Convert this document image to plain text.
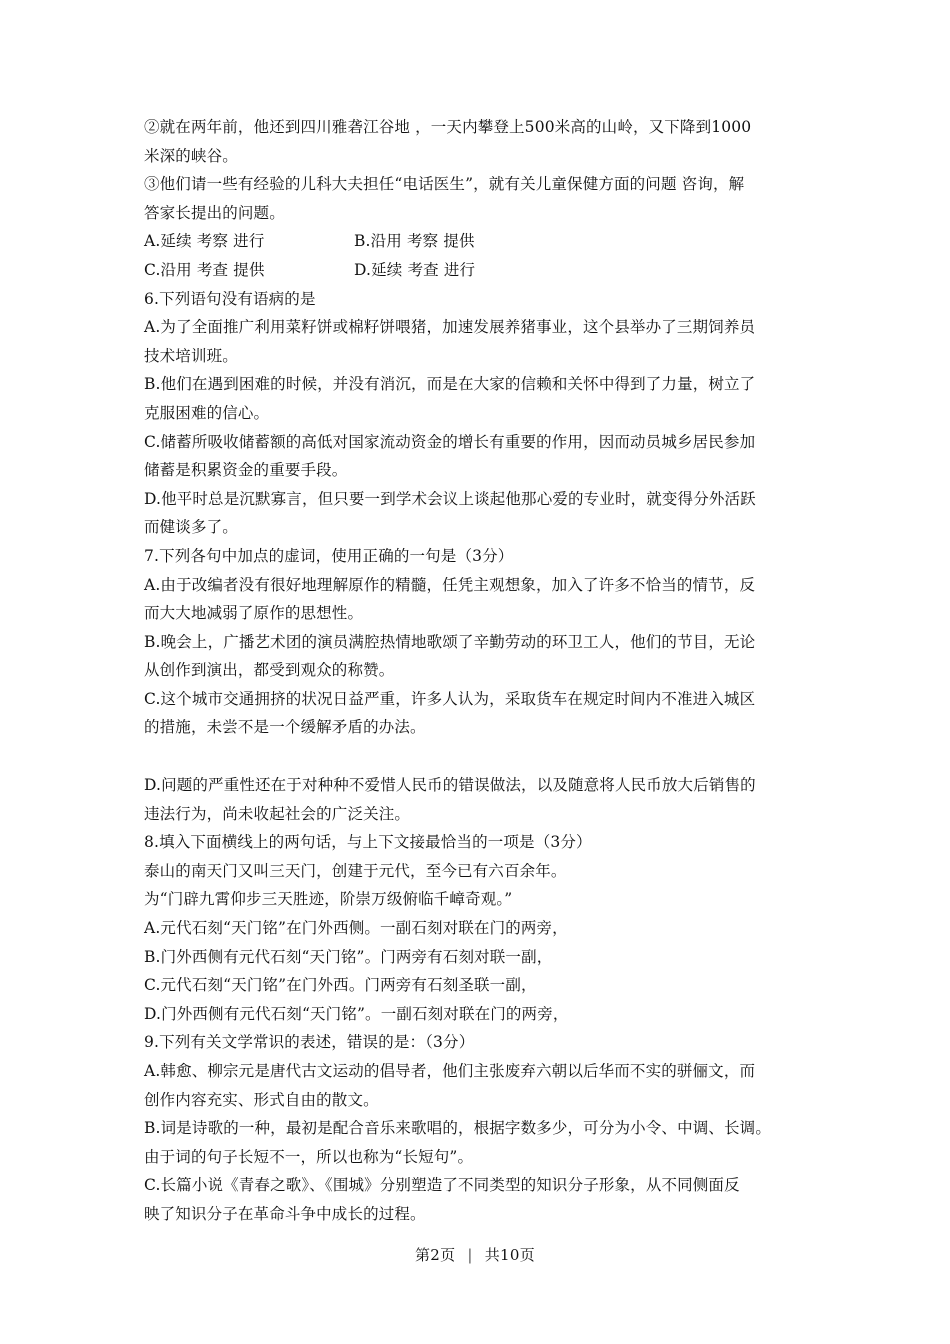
②就在两年前，他还到四川雅砻江谷地 ，一天内攀登上500米高的山岭，又下降到1000
米深的峡谷。
③他们请一些有经验的儿科大夫担任“电话医生”，就有关儿童保健方面的问题 咨询，解
答家长提出的问题。
A.延续 考察 进行	B.沿用 考察 提供
C.沿用 考查 提供	D.延续 考查 进行
6.下列语句没有语病的是
A.为了全面推广利用菜籽饼或棉籽饼喂猪，加速发展养猪事业，这个县举办了三期饲养员
技术培训班。
B.他们在遇到困难的时候，并没有消沉，而是在大家的信赖和关怀中得到了力量，树立了
克服困难的信心。
C.储蓄所吸收储蓄额的高低对国家流动资金的增长有重要的作用，因而动员城乡居民参加
储蓄是积累资金的重要手段。
D.他平时总是沉默寡言，但只要一到学术会议上谈起他那心爱的专业时，就变得分外活跃
而健谈多了。
7.下列各句中加点的虚词，使用正确的一句是（3分）
A.由于改编者没有很好地理解原作的精髓，任凭主观想象，加入了许多不恰当的情节，反
而大大地减弱了原作的思想性。
B.晚会上，广播艺术团的演员满腔热情地歌颂了辛勤劳动的环卫工人，他们的节目，无论
从创作到演出，都受到观众的称赞。
C.这个城市交通拥挤的状况日益严重，许多人认为，采取货车在规定时间内不准进入城区
的措施，未尝不是一个缓解矛盾的办法。
D.问题的严重性还在于对种种不爱惜人民币的错误做法，以及随意将人民币放大后销售的
违法行为，尚未收起社会的广泛关注。
8.填入下面横线上的两句话，与上下文接最恰当的一项是（3分）
泰山的南天门又叫三天门，创建于元代，至今已有六百余年。
为“门辟九霄仰步三天胜迹，阶崇万级俯临千嶂奇观。”
A.元代石刻“天门铭”在门外西侧。一副石刻对联在门的两旁，
B.门外西侧有元代石刻“天门铭”。门两旁有石刻对联一副，
C.元代石刻“天门铭”在门外西。门两旁有石刻圣联一副，
D.门外西侧有元代石刻“天门铭”。一副石刻对联在门的两旁，
9.下列有关文学常识的表述，错误的是：（3分）
A.韩愈、柳宗元是唐代古文运动的倡导者，他们主张废弃六朝以后华而不实的骈俪文，而
创作内容充实、形式自由的散文。
B.词是诗歌的一种，最初是配合音乐来歌唱的，根据字数多少，可分为小令、中调、长调。
由于词的句子长短不一，所以也称为“长短句”。
C.长篇小说《青春之歌》、《围城》分别塑造了不同类型的知识分子形象，从不同侧面反
映了知识分子在革命斗争中成长的过程。
第2页 | 共10页
